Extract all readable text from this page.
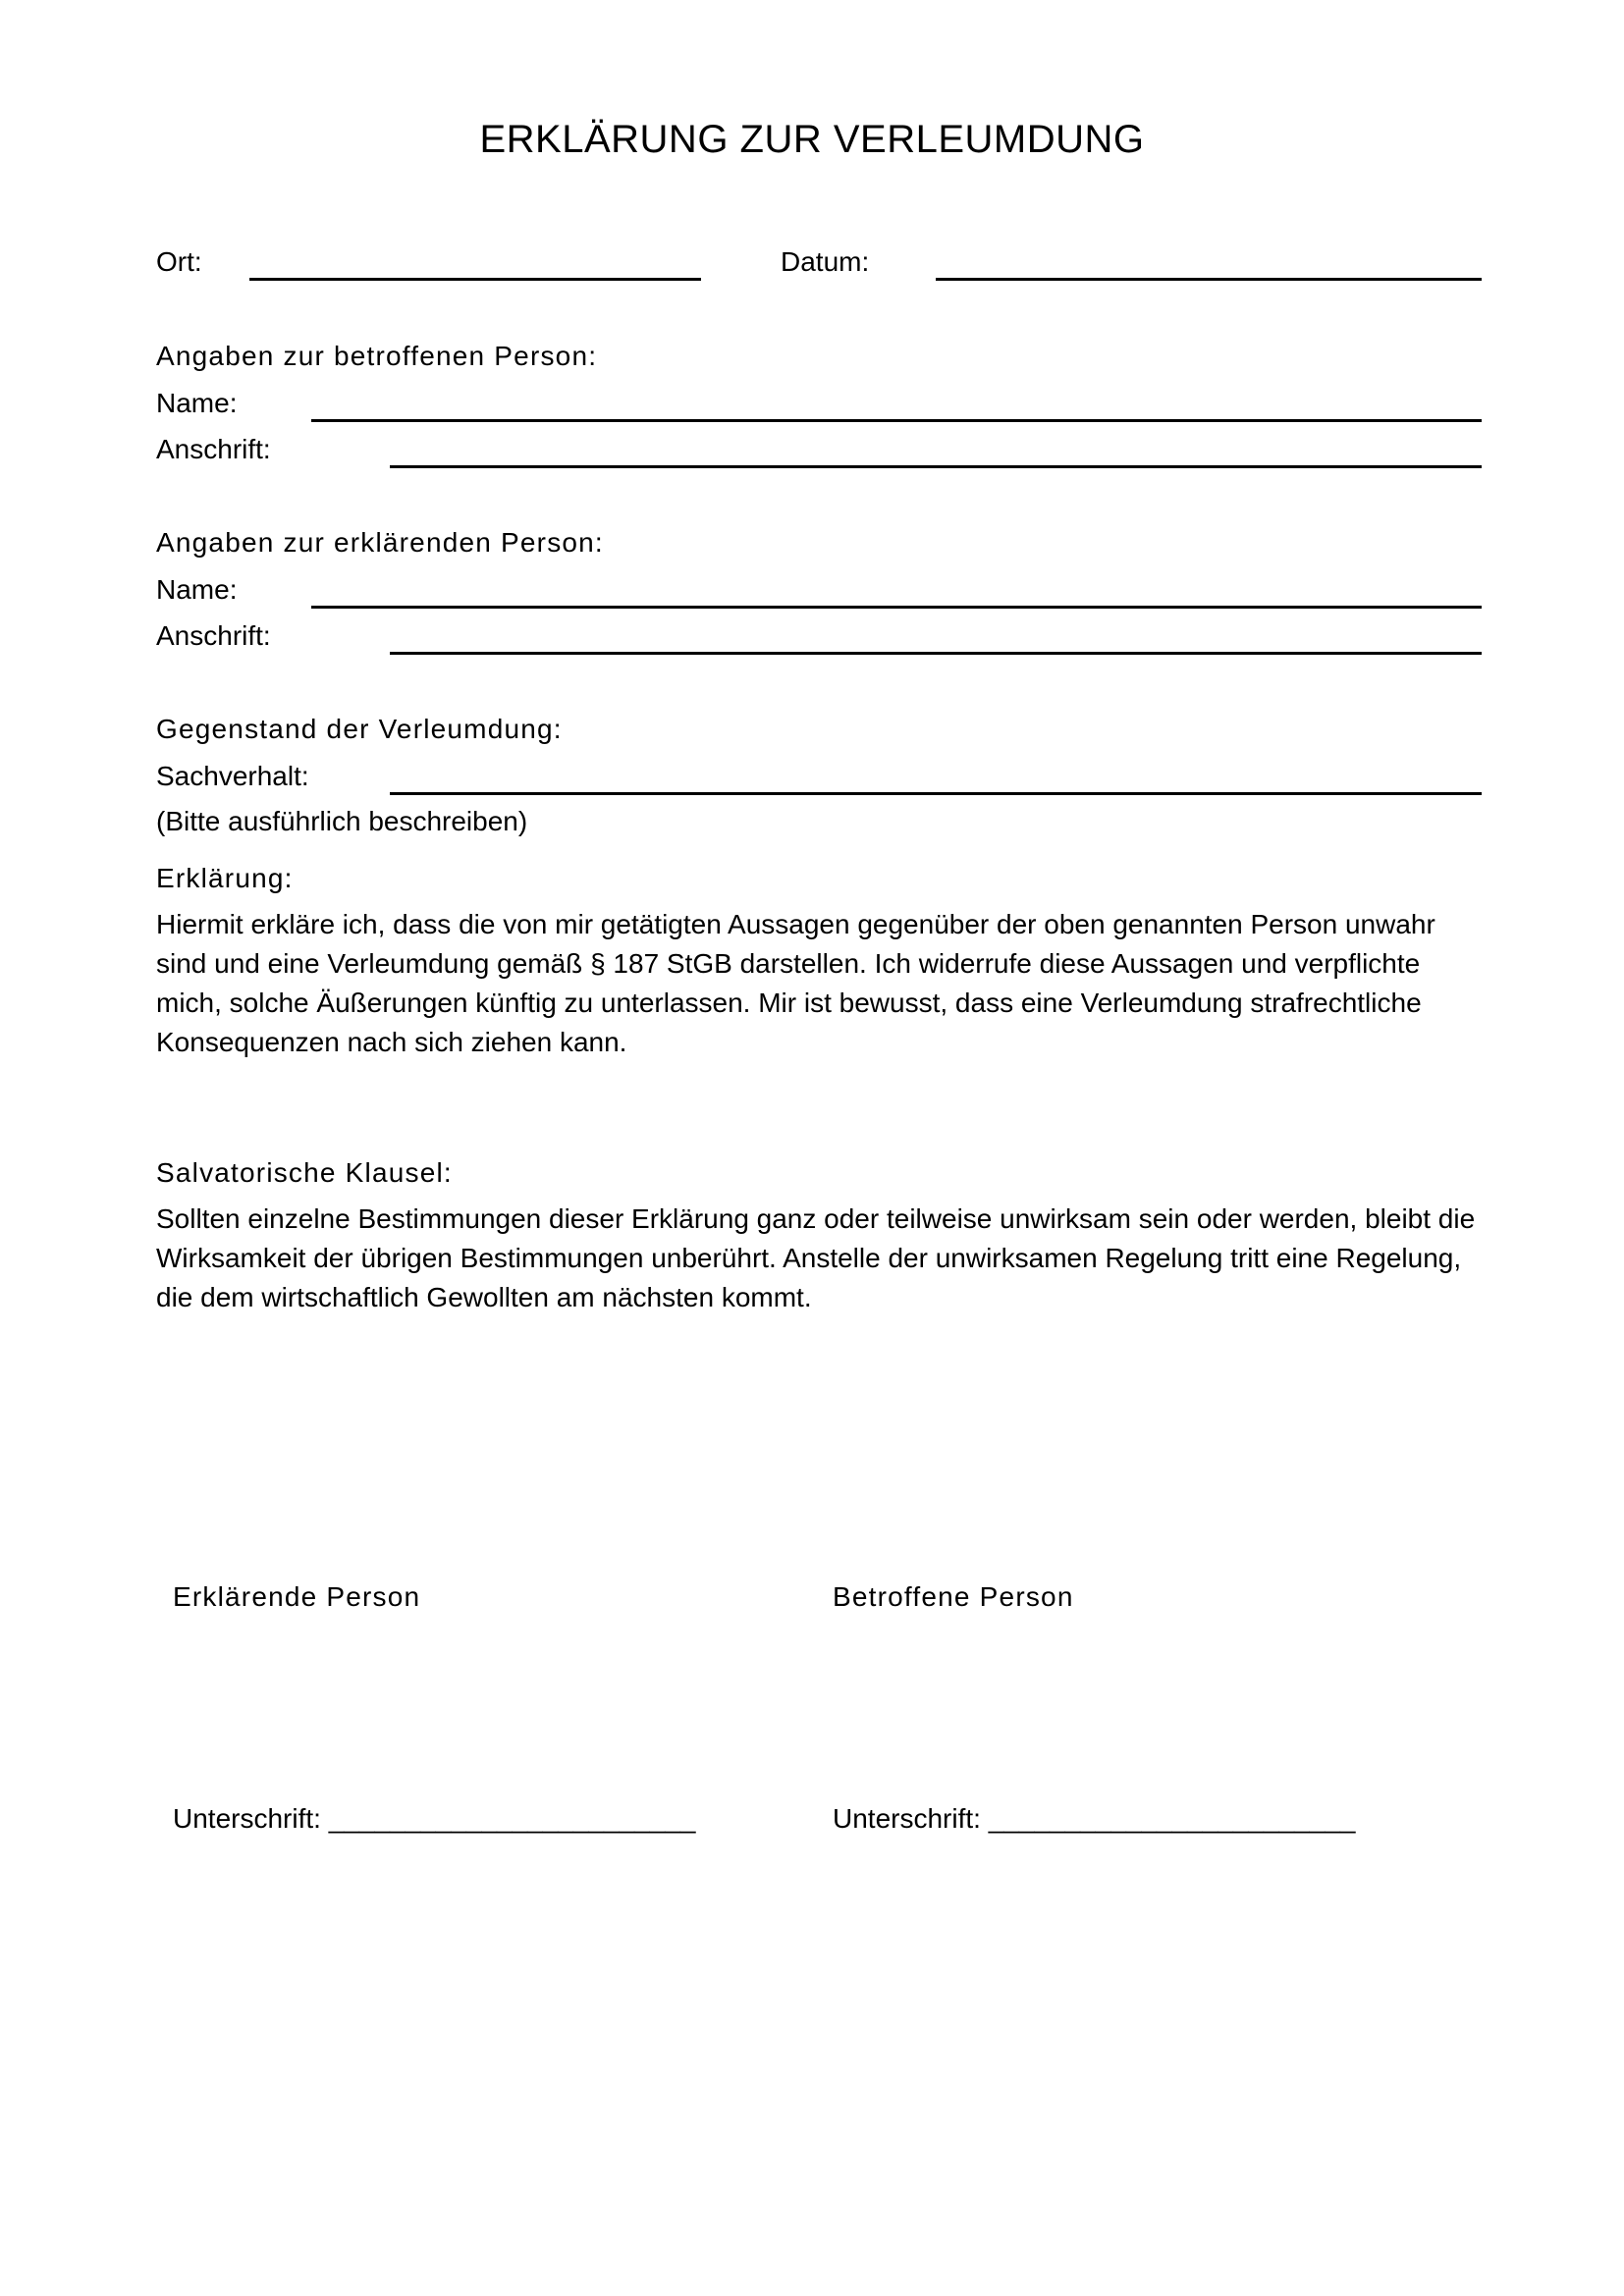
ERKLÄRUNG ZUR VERLEUMDUNG
Ort:	Datum:
Angaben zur betroffenen Person:
Name:
Anschrift:
Angaben zur erklärenden Person:
Name:
Anschrift:
Gegenstand der Verleumdung:
Sachverhalt:
(Bitte ausführlich beschreiben)
Erklärung:
Hiermit erkläre ich, dass die von mir getätigten Aussagen gegenüber der oben genannten Person unwahr sind und eine Verleumdung gemäß § 187 StGB darstellen. Ich widerrufe diese Aussagen und verpflichte mich, solche Äußerungen künftig zu unterlassen. Mir ist bewusst, dass eine Verleumdung strafrechtliche Konsequenzen nach sich ziehen kann.
Salvatorische Klausel:
Sollten einzelne Bestimmungen dieser Erklärung ganz oder teilweise unwirksam sein oder werden, bleibt die Wirksamkeit der übrigen Bestimmungen unberührt. Anstelle der unwirksamen Regelung tritt eine Regelung, die dem wirtschaftlich Gewollten am nächsten kommt.
Erklärende Person	Betroffene Person
Unterschrift: ________________________	Unterschrift: ________________________
